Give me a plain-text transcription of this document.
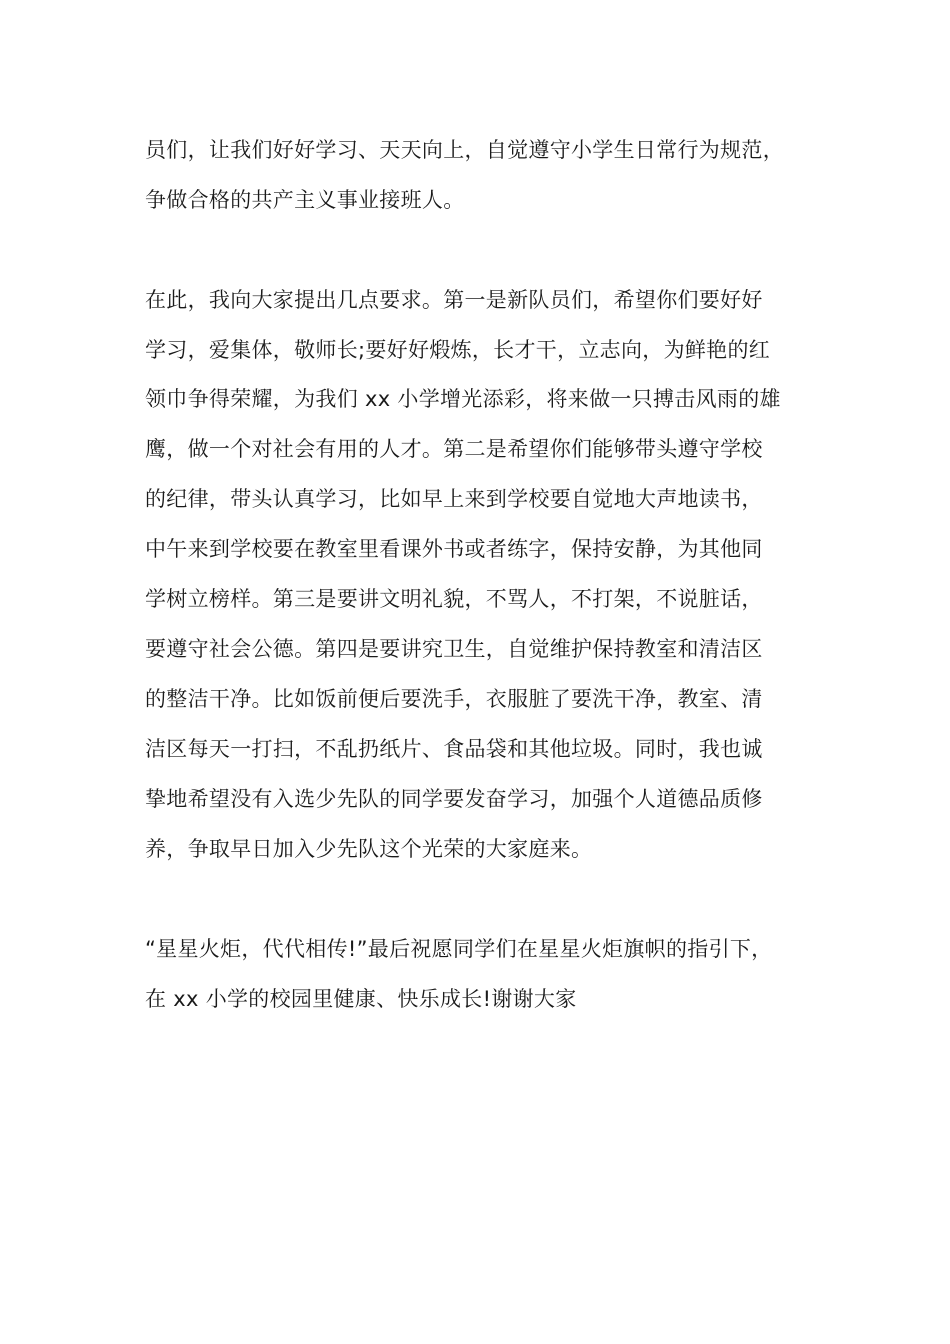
员们，让我们好好学习、天天向上，自觉遵守小学生日常行为规范，
争做合格的共产主义事业接班人。
在此，我向大家提出几点要求。第一是新队员们，希望你们要好好
学习，爱集体，敬师长;要好好煅炼，长才干，立志向，为鲜艳的红
领巾争得荣耀，为我们 xx 小学增光添彩，将来做一只搏击风雨的雄
鹰，做一个对社会有用的人才。第二是希望你们能够带头遵守学校
的纪律，带头认真学习，比如早上来到学校要自觉地大声地读书，
中午来到学校要在教室里看课外书或者练字，保持安静，为其他同
学树立榜样。第三是要讲文明礼貌，不骂人，不打架，不说脏话，
要遵守社会公德。第四是要讲究卫生，自觉维护保持教室和清洁区
的整洁干净。比如饭前便后要洗手，衣服脏了要洗干净，教室、清
洁区每天一打扫，不乱扔纸片、食品袋和其他垃圾。同时，我也诚
挚地希望没有入选少先队的同学要发奋学习，加强个人道德品质修
养，争取早日加入少先队这个光荣的大家庭来。
“星星火炬，代代相传!”最后祝愿同学们在星星火炬旗帜的指引下，
在 xx 小学的校园里健康、快乐成长!谢谢大家
